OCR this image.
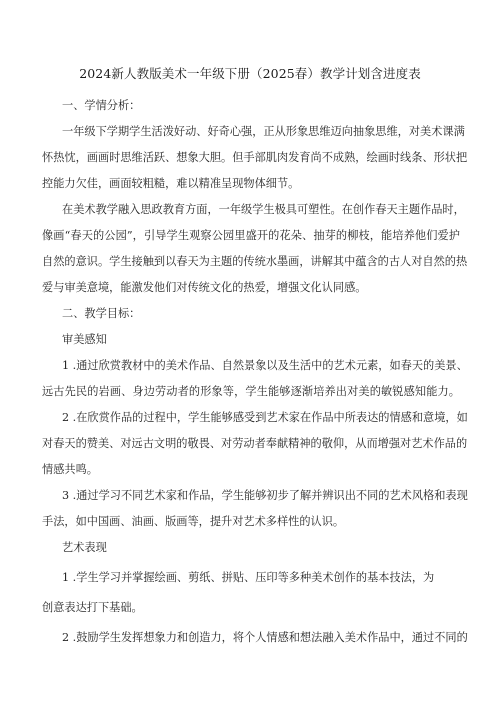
2024新人教版美术一年级下册（2025春）教学计划含进度表
一、学情分析：
一年级下学期学生活泼好动、好奇心强，正从形象思维迈向抽象思维，对美术课满
怀热忱，画画时思维活跃、想象大胆。但手部肌肉发育尚不成熟，绘画时线条、形状把
控能力欠佳，画面较粗糙，难以精准呈现物体细节。
在美术教学融入思政教育方面，一年级学生极具可塑性。在创作春天主题作品时，
像画“春天的公园”，引导学生观察公园里盛开的花朵、抽芽的柳枝，能培养他们爱护
自然的意识。学生接触到以春天为主题的传统水墨画，讲解其中蕴含的古人对自然的热
爱与审美意境，能激发他们对传统文化的热爱，增强文化认同感。
二、教学目标：
审美感知
1 .通过欣赏教材中的美术作品、自然景象以及生活中的艺术元素，如春天的美景、
远古先民的岩画、身边劳动者的形象等，学生能够逐渐培养出对美的敏锐感知能力。
2 .在欣赏作品的过程中，学生能够感受到艺术家在作品中所表达的情感和意境，如
对春天的赞美、对远古文明的敬畏、对劳动者奉献精神的敬仰，从而增强对艺术作品的
情感共鸣。
3 .通过学习不同艺术家和作品，学生能够初步了解并辨识出不同的艺术风格和表现
手法，如中国画、油画、版画等，提升对艺术多样性的认识。
艺术表现
1 .学生学习并掌握绘画、剪纸、拼贴、压印等多种美术创作的基本技法，为
创意表达打下基础。
2 .鼓励学生发挥想象力和创造力，将个人情感和想法融入美术作品中，通过不同的
